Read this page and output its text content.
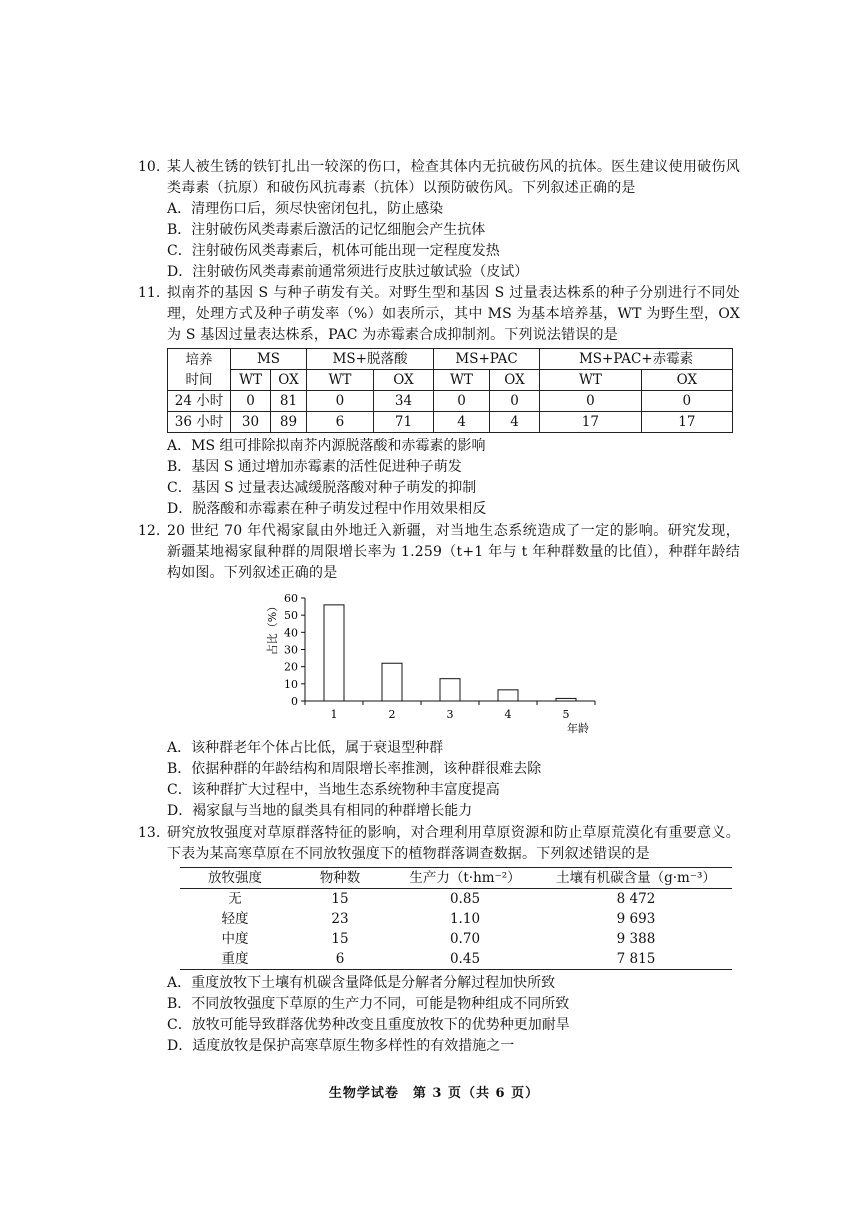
10. 某人被生锈的铁钉扎出一较深的伤口，检查其体内无抗破伤风的抗体。医生建议使用破伤风类毒素（抗原）和破伤风抗毒素（抗体）以预防破伤风。下列叙述正确的是
A．清理伤口后，须尽快密闭包扎，防止感染
B．注射破伤风类毒素后激活的记忆细胞会产生抗体
C．注射破伤风类毒素后，机体可能出现一定程度发热
D．注射破伤风类毒素前通常须进行皮肤过敏试验（皮试）
11. 拟南芥的基因 S 与种子萌发有关。对野生型和基因 S 过量表达株系的种子分别进行不同处理，处理方式及种子萌发率（%）如表所示，其中 MS 为基本培养基，WT 为野生型，OX 为 S 基因过量表达株系，PAC 为赤霉素合成抑制剂。下列说法错误的是
培养
时间	MS		MS+脱落酸		MS+PAC		MS+PAC+赤霉素	
	WT	OX	WT	OX	WT	OX	WT	OX
24 小时	0	81	0	34	0	0	0	0
36 小时	30	89	6	71	4	4	17	17
A．MS 组可排除拟南芥内源脱落酸和赤霉素的影响
B．基因 S 通过增加赤霉素的活性促进种子萌发
C．基因 S 过量表达减缓脱落酸对种子萌发的抑制
D．脱落酸和赤霉素在种子萌发过程中作用效果相反
12. 20 世纪 70 年代褐家鼠由外地迁入新疆，对当地生态系统造成了一定的影响。研究发现，新疆某地褐家鼠种群的周限增长率为 1.259（t+1 年与 t 年种群数量的比值），种群年龄结构如图。下列叙述正确的是
0
10
20
30
40
50
60
1	2	3	4	5
占比（%）
年龄
A．该种群老年个体占比低，属于衰退型种群
B．依据种群的年龄结构和周限增长率推测，该种群很难去除
C．该种群扩大过程中，当地生态系统物种丰富度提高
D．褐家鼠与当地的鼠类具有相同的种群增长能力
13. 研究放牧强度对草原群落特征的影响，对合理利用草原资源和防止草原荒漠化有重要意义。下表为某高寒草原在不同放牧强度下的植物群落调查数据。下列叙述错误的是
放牧强度	物种数	生产力（t·hm⁻²）	土壤有机碳含量（g·m⁻³）
无	15	0.85	8 472
轻度	23	1.10	9 693
中度	15	0.70	9 388
重度	6	0.45	7 815
A．重度放牧下土壤有机碳含量降低是分解者分解过程加快所致
B．不同放牧强度下草原的生产力不同，可能是物种组成不同所致
C．放牧可能导致群落优势种改变且重度放牧下的优势种更加耐旱
D．适度放牧是保护高寒草原生物多样性的有效措施之一
生物学试卷　第 3 页（共 6 页）
